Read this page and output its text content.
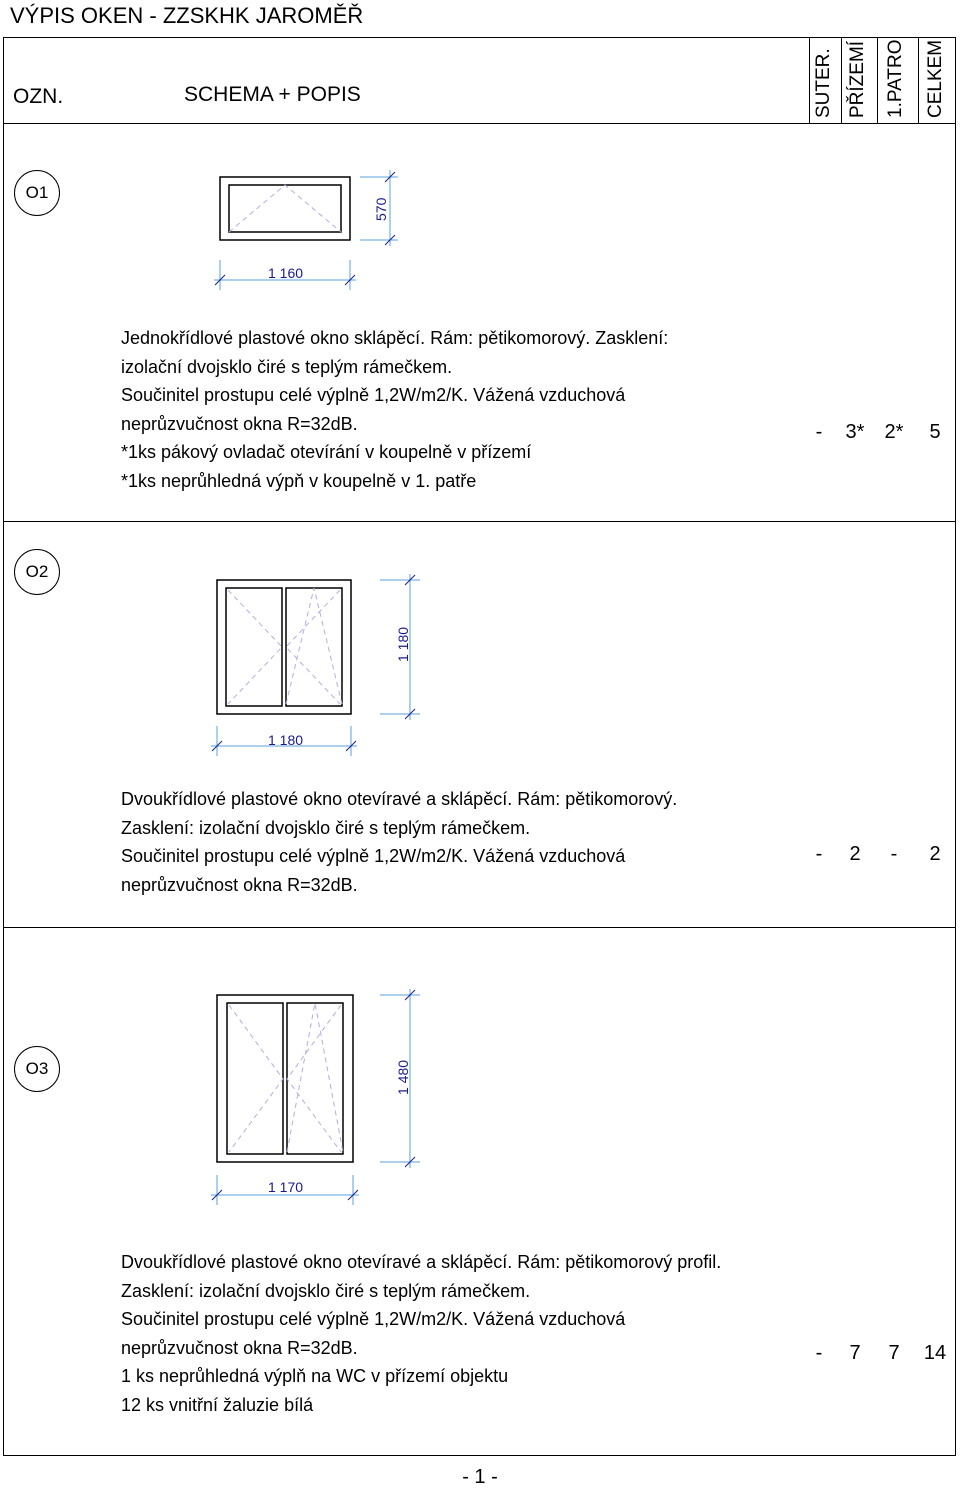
VÝPIS OKEN - ZZSKHK JAROMĚŘ
OZN.	SCHEMA + POPIS	SUTER. PŘÍZEMÍ 1.PATRO CELKEM
O1
1 160
570
Jednokřídlové plastové okno sklápěcí. Rám: pětikomorový. Zasklení:
izolační dvojsklo čiré s teplým rámečkem.
Součinitel prostupu celé výplně 1,2W/m2/K. Vážená vzduchová
neprůzvučnost okna R=32dB.
*1ks pákový ovladač otevírání v koupelně v přízemí
*1ks neprůhledná výpň v koupelně v 1. patře
-	3* 2*	5
O2
1 180
1 180
Dvoukřídlové plastové okno otevíravé a sklápěcí. Rám: pětikomorový.
Zasklení: izolační dvojsklo čiré s teplým rámečkem.
Součinitel prostupu celé výplně 1,2W/m2/K. Vážená vzduchová
neprůzvučnost okna R=32dB.
-	2	-	2
O3
1 170
1 480
Dvoukřídlové plastové okno otevíravé a sklápěcí. Rám: pětikomorový profil.
Zasklení: izolační dvojsklo čiré s teplým rámečkem.
Součinitel prostupu celé výplně 1,2W/m2/K. Vážená vzduchová
neprůzvučnost okna R=32dB.
1 ks neprůhledná výplň na WC v přízemí objektu
12 ks vnitřní žaluzie bílá
-	7	7	14
- 1 -
